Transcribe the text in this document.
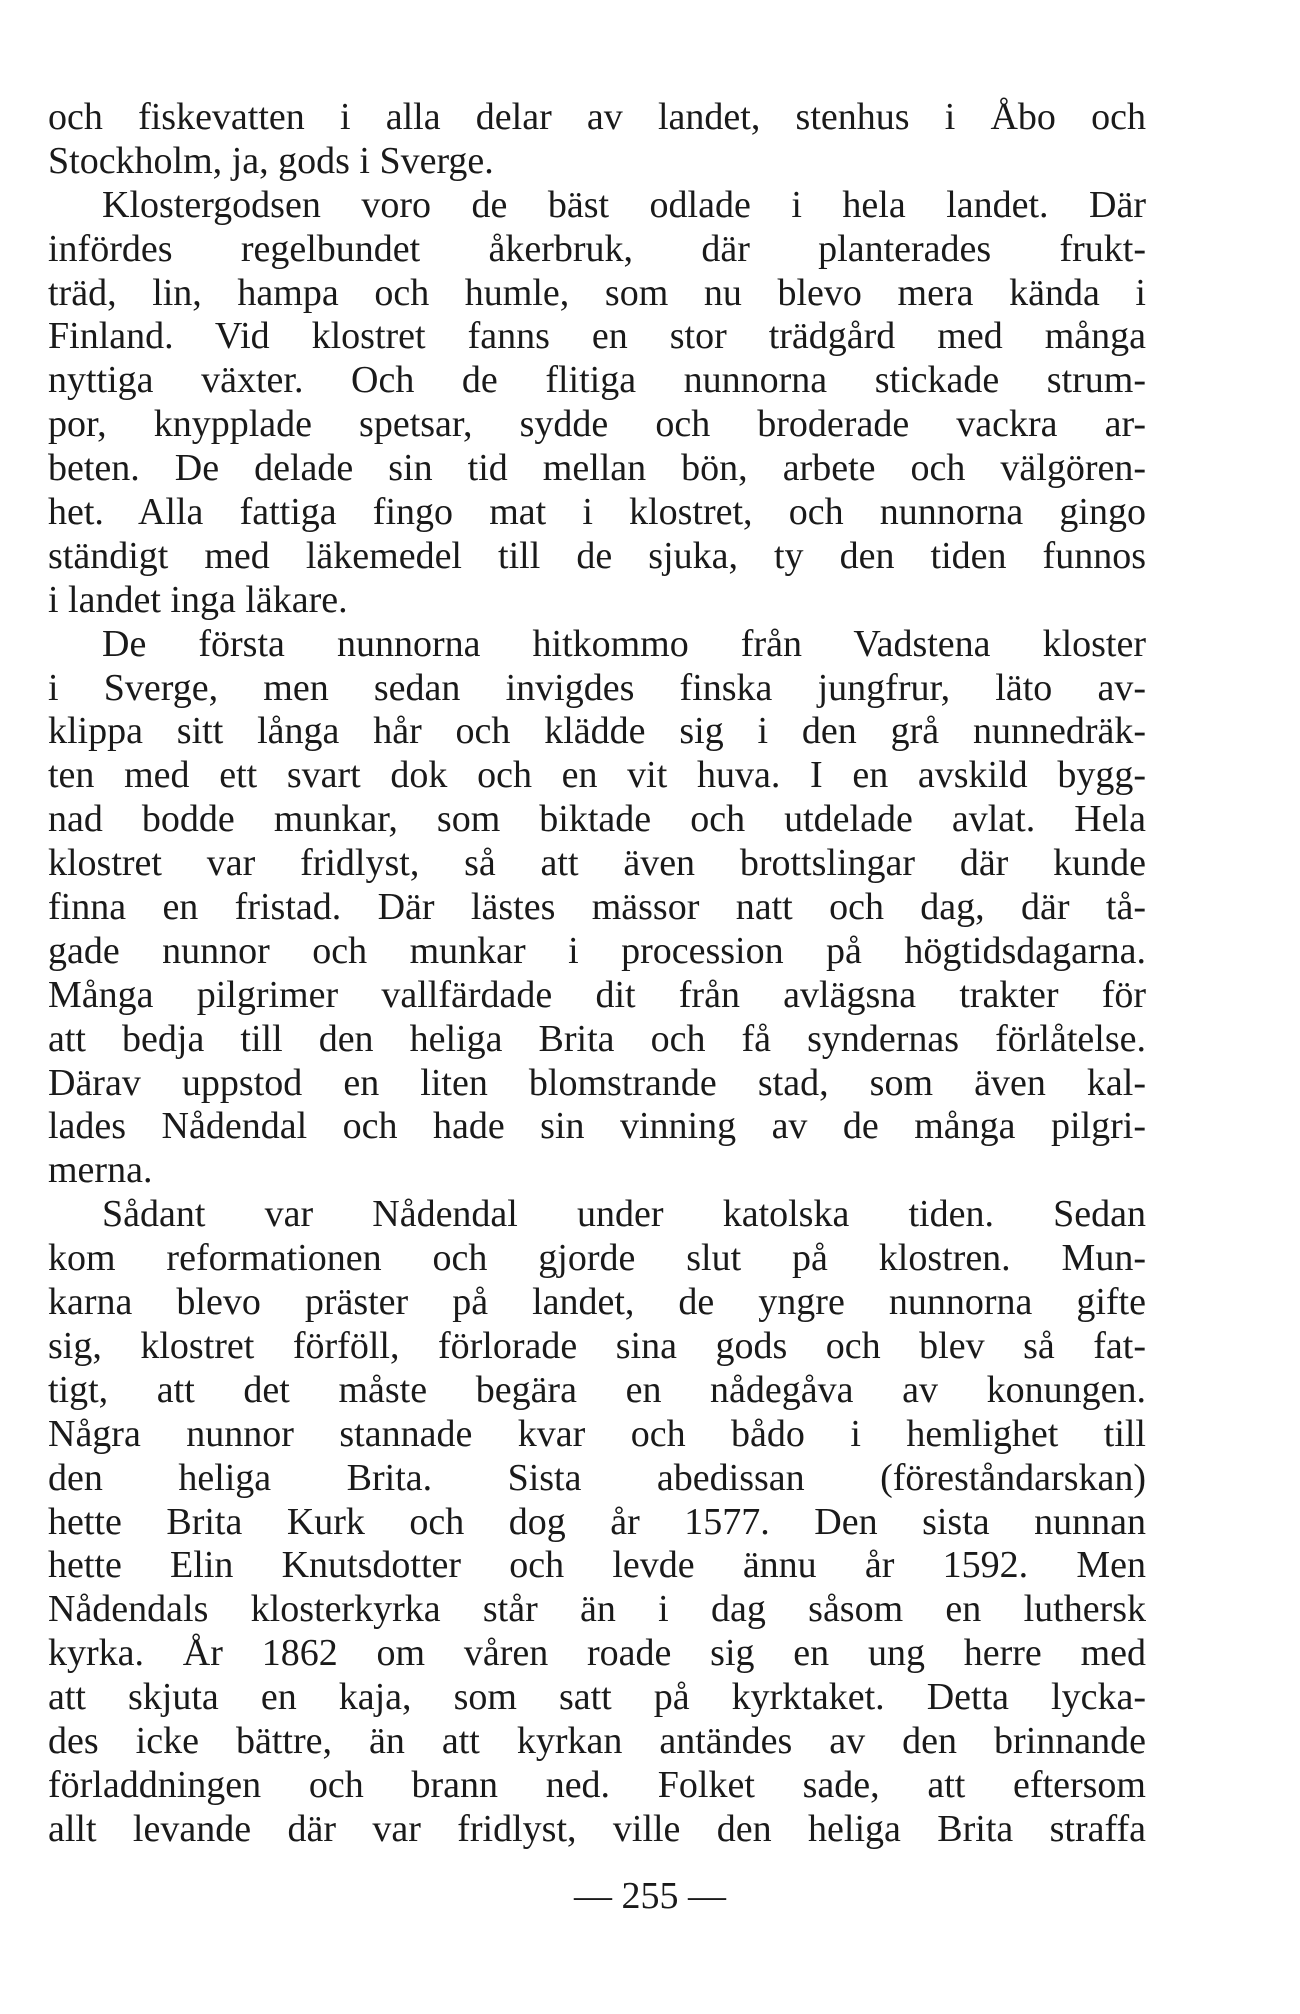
och fiskevatten i alla delar av landet, stenhus i Åbo och
Stockholm, ja, gods i Sverge.
Klostergodsen voro de bäst odlade i hela landet. Där
infördes regelbundet åkerbruk, där planterades frukt-
träd, lin, hampa och humle, som nu blevo mera kända i
Finland. Vid klostret fanns en stor trädgård med många
nyttiga växter. Och de flitiga nunnorna stickade strum-
por, knypplade spetsar, sydde och broderade vackra ar-
beten. De delade sin tid mellan bön, arbete och välgören-
het. Alla fattiga fingo mat i klostret, och nunnorna gingo
ständigt med läkemedel till de sjuka, ty den tiden funnos
i landet inga läkare.
De första nunnorna hitkommo från Vadstena kloster
i Sverge, men sedan invigdes finska jungfrur, läto av-
klippa sitt långa hår och klädde sig i den grå nunnedräk-
ten med ett svart dok och en vit huva. I en avskild bygg-
nad bodde munkar, som biktade och utdelade avlat. Hela
klostret var fridlyst, så att även brottslingar där kunde
finna en fristad. Där lästes mässor natt och dag, där tå-
gade nunnor och munkar i procession på högtidsdagarna.
Många pilgrimer vallfärdade dit från avlägsna trakter för
att bedja till den heliga Brita och få syndernas förlåtelse.
Därav uppstod en liten blomstrande stad, som även kal-
lades Nådendal och hade sin vinning av de många pilgri-
merna.
Sådant var Nådendal under katolska tiden. Sedan
kom reformationen och gjorde slut på klostren. Mun-
karna blevo präster på landet, de yngre nunnorna gifte
sig, klostret förföll, förlorade sina gods och blev så fat-
tigt, att det måste begära en nådegåva av konungen.
Några nunnor stannade kvar och bådo i hemlighet till
den heliga Brita. Sista abedissan (föreståndarskan)
hette Brita Kurk och dog år 1577. Den sista nunnan
hette Elin Knutsdotter och levde ännu år 1592. Men
Nådendals klosterkyrka står än i dag såsom en luthersk
kyrka. År 1862 om våren roade sig en ung herre med
att skjuta en kaja, som satt på kyrktaket. Detta lycka-
des icke bättre, än att kyrkan antändes av den brinnande
förladdningen och brann ned. Folket sade, att eftersom
allt levande där var fridlyst, ville den heliga Brita straffa
— 255 —
